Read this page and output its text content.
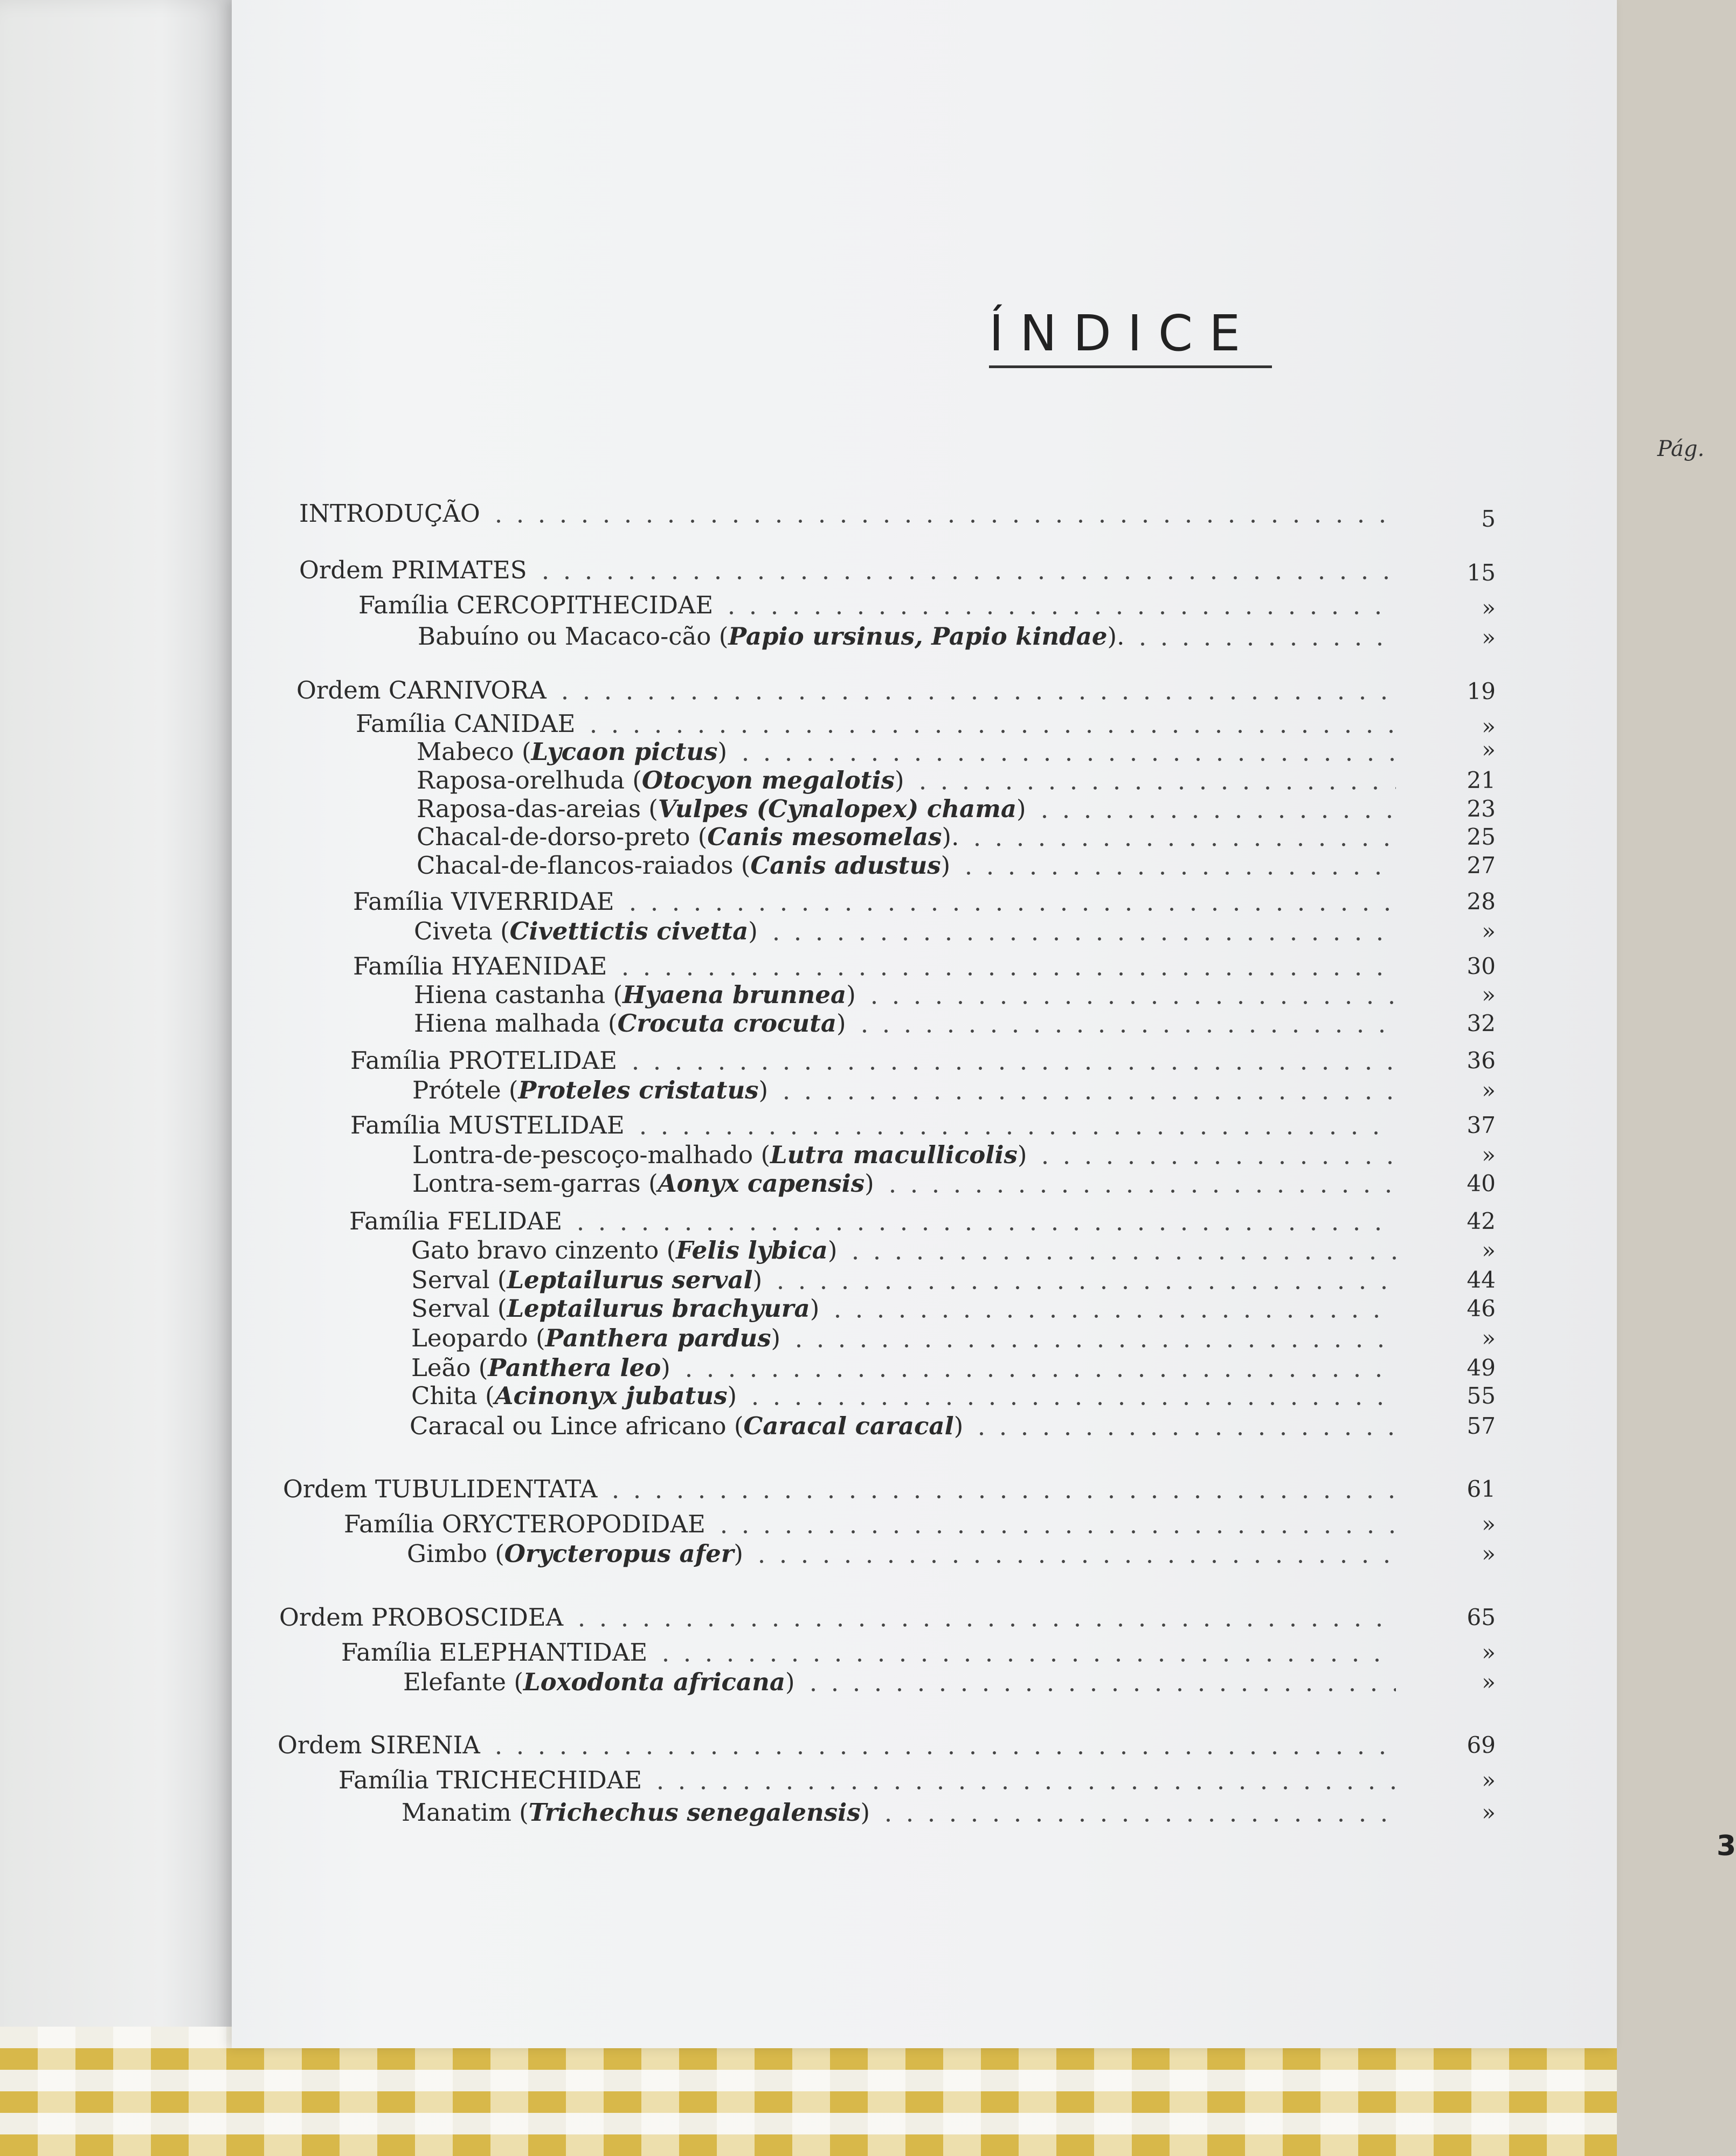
ÍNDICE
Pág.
INTRODUÇÃO	5
Ordem PRIMATES	15
Família CERCOPITHECIDAE	»
Babuíno ou Macaco-cão (Papio ursinus, Papio kindae).	»
Ordem CARNIVORA	19
Família CANIDAE	»
Mabeco (Lycaon pictus)	»
Raposa-orelhuda (Otocyon megalotis)	21
Raposa-das-areias (Vulpes (Cynalopex) chama)	23
Chacal-de-dorso-preto (Canis mesomelas).	25
Chacal-de-flancos-raiados (Canis adustus)	27
Família VIVERRIDAE	28
Civeta (Civettictis civetta)	»
Família HYAENIDAE	30
Hiena castanha (Hyaena brunnea)	»
Hiena malhada (Crocuta crocuta)	32
Família PROTELIDAE	36
Prótele (Proteles cristatus)	»
Família MUSTELIDAE	37
Lontra-de-pescoço-malhado (Lutra macullicolis)	»
Lontra-sem-garras (Aonyx capensis)	40
Família FELIDAE	42
Gato bravo cinzento (Felis lybica)	»
Serval (Leptailurus serval)	44
Serval (Leptailurus brachyura)	46
Leopardo (Panthera pardus)	»
Leão (Panthera leo)	49
Chita (Acinonyx jubatus)	55
Caracal ou Lince africano (Caracal caracal)	57
Ordem TUBULIDENTATA	61
Família ORYCTEROPODIDAE	»
Gimbo (Orycteropus afer)	»
Ordem PROBOSCIDEA	65
Família ELEPHANTIDAE	»
Elefante (Loxodonta africana)	»
Ordem SIRENIA	69
Família TRICHECHIDAE	»
Manatim (Trichechus senegalensis)	»
3
